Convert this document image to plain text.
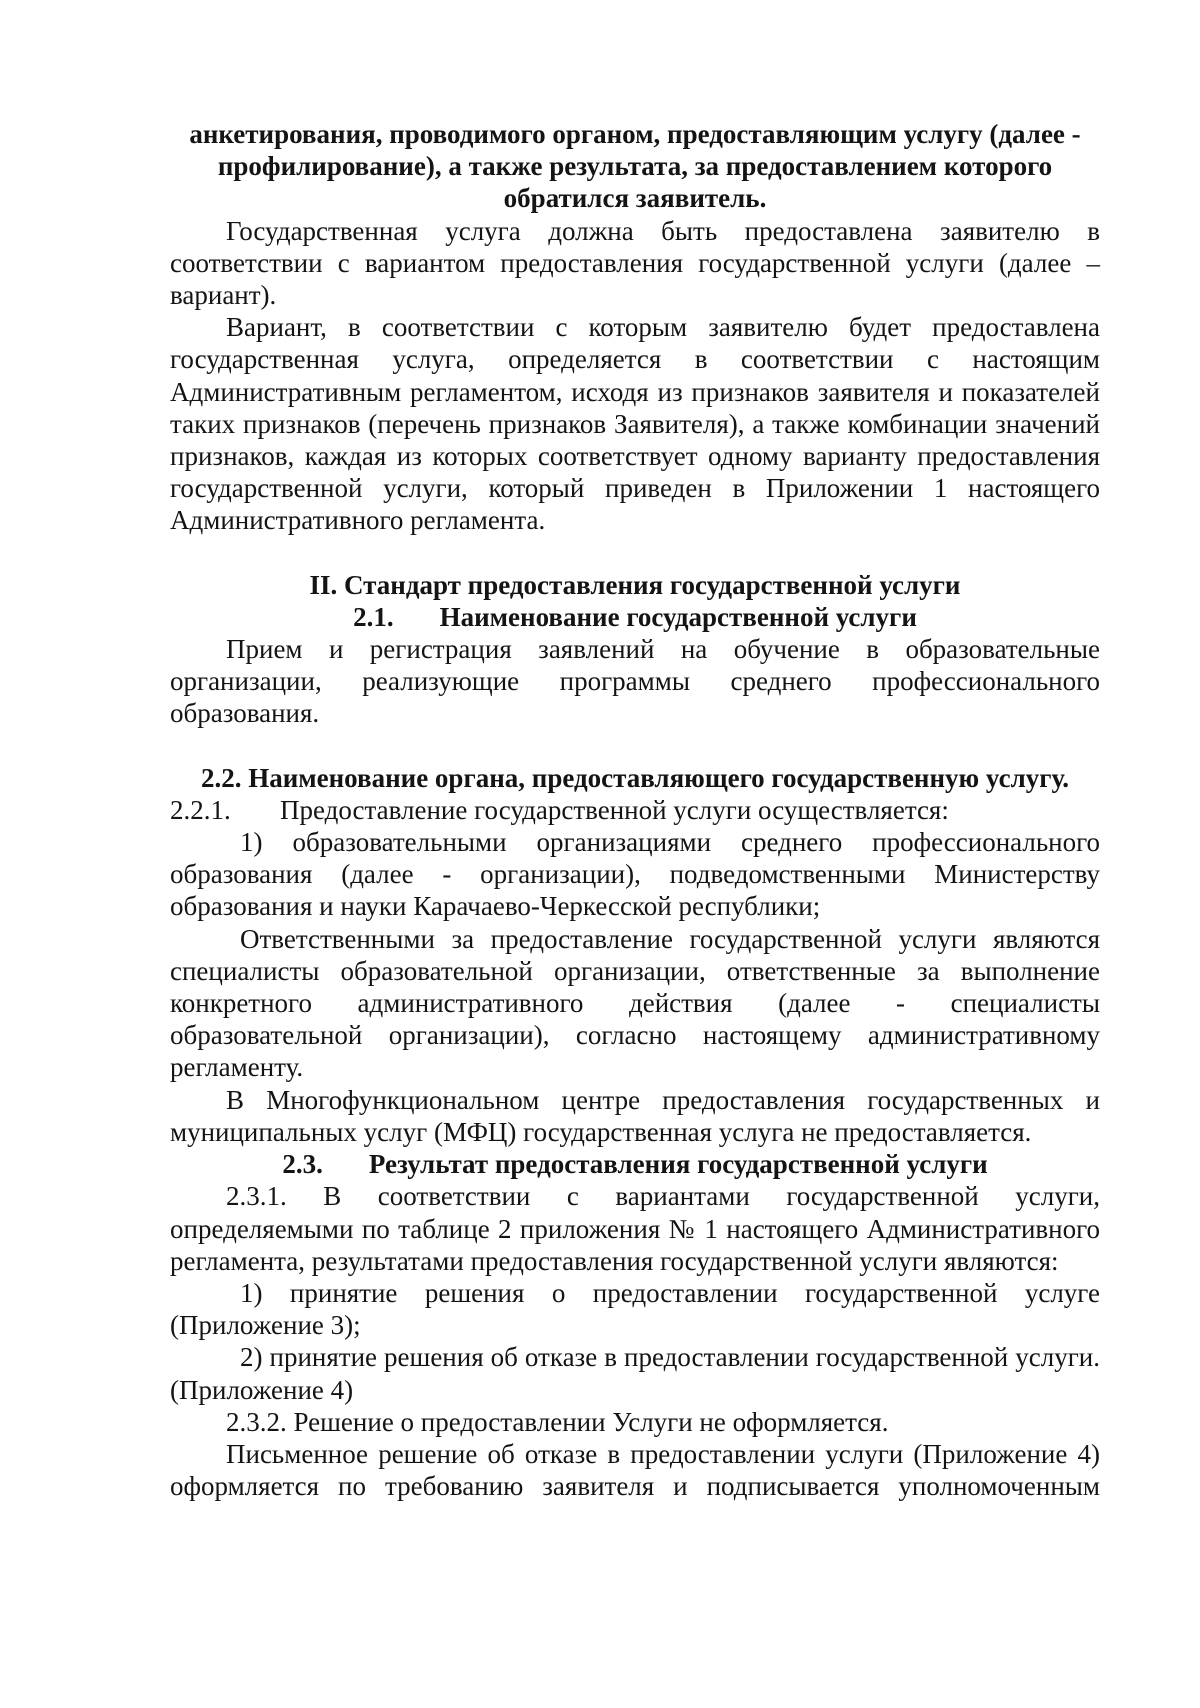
анкетирования, проводимого органом, предоставляющим услугу (далее - профилирование), а также результата, за предоставлением которого обратился заявитель.

Государственная услуга должна быть предоставлена заявителю в соответствии с вариантом предоставления государственной услуги (далее – вариант).

Вариант, в соответствии с которым заявителю будет предоставлена государственная услуга, определяется в соответствии с настоящим Административным регламентом, исходя из признаков заявителя и показателей таких признаков (перечень признаков Заявителя), а также комбинации значений признаков, каждая из которых соответствует одному варианту предоставления государственной услуги, который приведен в Приложении 1 настоящего Административного регламента.

II. Стандарт предоставления государственной услуги

2.1. Наименование государственной услуги

Прием и регистрация заявлений на обучение в образовательные организации, реализующие программы среднего профессионального образования.

2.2. Наименование органа, предоставляющего государственную услугу.

2.2.1.	Предоставление государственной услуги осуществляется:

1) образовательными организациями среднего профессионального образования (далее - организации), подведомственными Министерству образования и науки Карачаево-Черкесской республики;

Ответственными за предоставление государственной услуги являются специалисты образовательной организации, ответственные за выполнение конкретного административного действия (далее - специалисты образовательной организации), согласно настоящему административному регламенту.

В Многофункциональном центре предоставления государственных и муниципальных услуг (МФЦ) государственная услуга не предоставляется.

2.3. Результат предоставления государственной услуги

2.3.1. В соответствии с вариантами государственной услуги, определяемыми по таблице 2 приложения № 1 настоящего Административного регламента, результатами предоставления государственной услуги являются:

1) принятие решения о предоставлении государственной услуге (Приложение 3);

2) принятие решения об отказе в предоставлении государственной услуги. (Приложение 4)

2.3.2. Решение о предоставлении Услуги не оформляется.

Письменное решение об отказе в предоставлении услуги (Приложение 4) оформляется по требованию заявителя и подписывается уполномоченным
